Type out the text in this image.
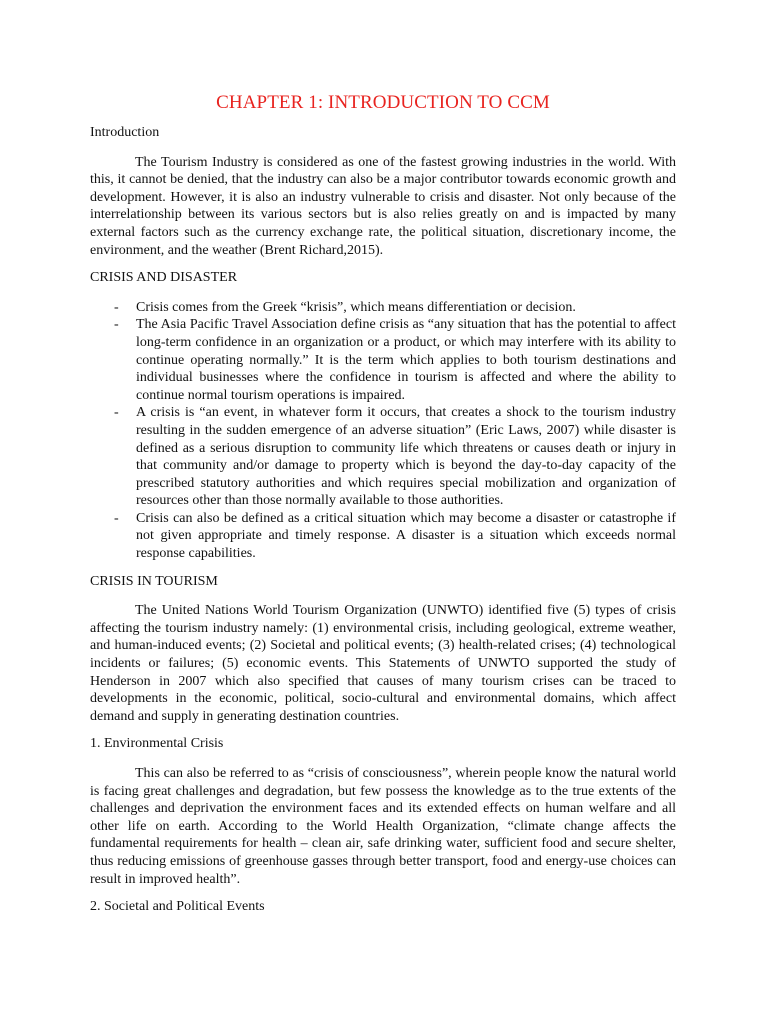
CHAPTER 1: INTRODUCTION TO CCM
Introduction

The Tourism Industry is considered as one of the fastest growing industries in the world. With this, it cannot be denied, that the industry can also be a major contributor towards economic growth and development. However, it is also an industry vulnerable to crisis and disaster. Not only because of the interrelationship between its various sectors but is also relies greatly on and is impacted by many external factors such as the currency exchange rate, the political situation, discretionary income, the environment, and the weather (Brent Richard,2015).

CRISIS AND DISASTER
- Crisis comes from the Greek “krisis”, which means differentiation or decision.
- The Asia Pacific Travel Association define crisis as “any situation that has the potential to affect long-term confidence in an organization or a product, or which may interfere with its ability to continue operating normally.” It is the term which applies to both tourism destinations and individual businesses where the confidence in tourism is affected and where the ability to continue normal tourism operations is impaired.
- A crisis is “an event, in whatever form it occurs, that creates a shock to the tourism industry resulting in the sudden emergence of an adverse situation” (Eric Laws, 2007) while disaster is defined as a serious disruption to community life which threatens or causes death or injury in that community and/or damage to property which is beyond the day-to-day capacity of the prescribed statutory authorities and which requires special mobilization and organization of resources other than those normally available to those authorities.
- Crisis can also be defined as a critical situation which may become a disaster or catastrophe if not given appropriate and timely response. A disaster is a situation which exceeds normal response capabilities.
CRISIS IN TOURISM

The United Nations World Tourism Organization (UNWTO) identified five (5) types of crisis affecting the tourism industry namely: (1) environmental crisis, including geological, extreme weather, and human-induced events; (2) Societal and political events; (3) health-related crises; (4) technological incidents or failures; (5) economic events. This Statements of UNWTO supported the study of Henderson in 2007 which also specified that causes of many tourism crises can be traced to developments in the economic, political, socio-cultural and environmental domains, which affect demand and supply in generating destination countries.

1. Environmental Crisis

This can also be referred to as “crisis of consciousness”, wherein people know the natural world is facing great challenges and degradation, but few possess the knowledge as to the true extents of the challenges and deprivation the environment faces and its extended effects on human welfare and all other life on earth. According to the World Health Organization, “climate change affects the fundamental requirements for health – clean air, safe drinking water, sufficient food and secure shelter, thus reducing emissions of greenhouse gasses through better transport, food and energy-use choices can result in improved health”.

2. Societal and Political Events
